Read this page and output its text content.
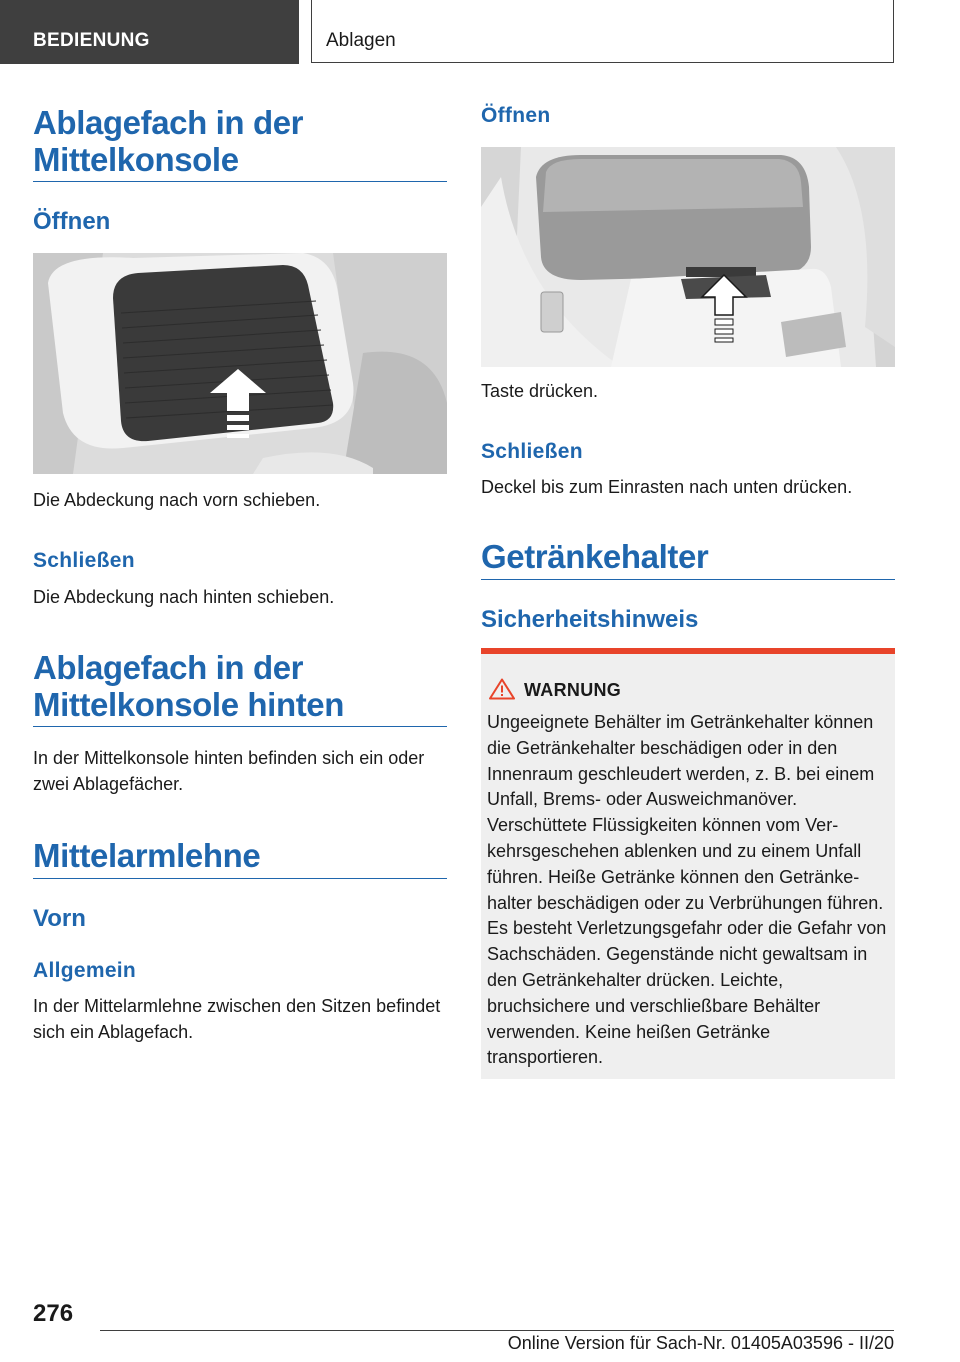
BEDIENUNG	Ablagen
Ablagefach in der Mittelkonsole
Öffnen

Die Abdeckung nach vorn schieben.

Schließen

Die Abdeckung nach hinten schieben.

Ablagefach in der Mittelkonsole hinten

In der Mittelkonsole hinten befinden sich ein oder zwei Ablagefächer.

Mittelarmlehne
Vorn
Allgemein

In der Mittelarmlehne zwischen den Sitzen befindet sich ein Ablagefach.

Öffnen

Taste drücken.

Schließen

Deckel bis zum Einrasten nach unten drücken.

Getränkehalter
Sicherheitshinweis
WARNUNG

Ungeeignete Behälter im Getränkehalter können die Getränkehalter beschädigen oder in den Innenraum geschleudert werden, z. B. bei einem Unfall, Brems- oder Ausweichmanöver. Verschüttete Flüssigkeiten können vom Verkehrsgeschehen ablenken und zu einem Unfall führen. Heiße Getränke können den Getränkehalter beschädigen oder zu Verbrühungen führen. Es besteht Verletzungsgefahr oder die Gefahr von Sachschäden. Gegenstände nicht gewaltsam in den Getränkehalter drücken. Leichte, bruchsichere und verschließbare Behälter verwenden. Keine heißen Getränke transportieren.

276
Online Version für Sach-Nr. 01405A03596 - II/20
